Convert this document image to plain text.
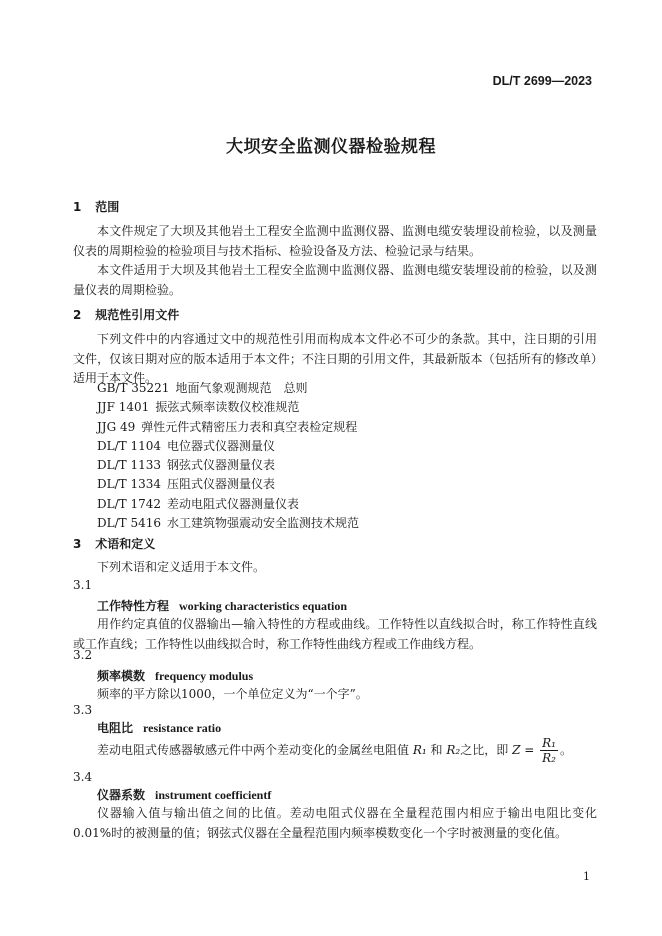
DL/T 2699—2023
大坝安全监测仪器检验规程
1 范围
本文件规定了大坝及其他岩土工程安全监测中监测仪器、监测电缆安装埋设前检验，以及测量仪表的周期检验的检验项目与技术指标、检验设备及方法、检验记录与结果。
本文件适用于大坝及其他岩土工程安全监测中监测仪器、监测电缆安装埋设前的检验，以及测量仪表的周期检验。
2 规范性引用文件
下列文件中的内容通过文中的规范性引用而构成本文件必不可少的条款。其中，注日期的引用文件，仅该日期对应的版本适用于本文件；不注日期的引用文件，其最新版本（包括所有的修改单）适用于本文件。
GB/T 35221 地面气象观测规范　总则
JJF 1401 振弦式频率读数仪校准规范
JJG 49 弹性元件式精密压力表和真空表检定规程
DL/T 1104 电位器式仪器测量仪
DL/T 1133 钢弦式仪器测量仪表
DL/T 1334 压阻式仪器测量仪表
DL/T 1742 差动电阻式仪器测量仪表
DL/T 5416 水工建筑物强震动安全监测技术规范
3 术语和定义
下列术语和定义适用于本文件。
3.1
工作特性方程 working characteristics equation
用作约定真值的仪器输出—输入特性的方程或曲线。工作特性以直线拟合时，称工作特性直线或工作直线；工作特性以曲线拟合时，称工作特性曲线方程或工作曲线方程。
3.2
频率模数 frequency modulus
频率的平方除以1000，一个单位定义为“一个字”。
3.3
电阻比 resistance ratio
差动电阻式传感器敏感元件中两个差动变化的金属丝电阻值 R₁ 和 R₂之比，即 $Z = \frac{\text{R₁}}{\text{R₂}}$ 。
3.4
仪器系数 instrument coefficientf
仪器输入值与输出值之间的比值。差动电阻式仪器在全量程范围内相应于输出电阻比变化 0.01%时的被测量的值；钢弦式仪器在全量程范围内频率模数变化一个字时被测量的变化值。
1
